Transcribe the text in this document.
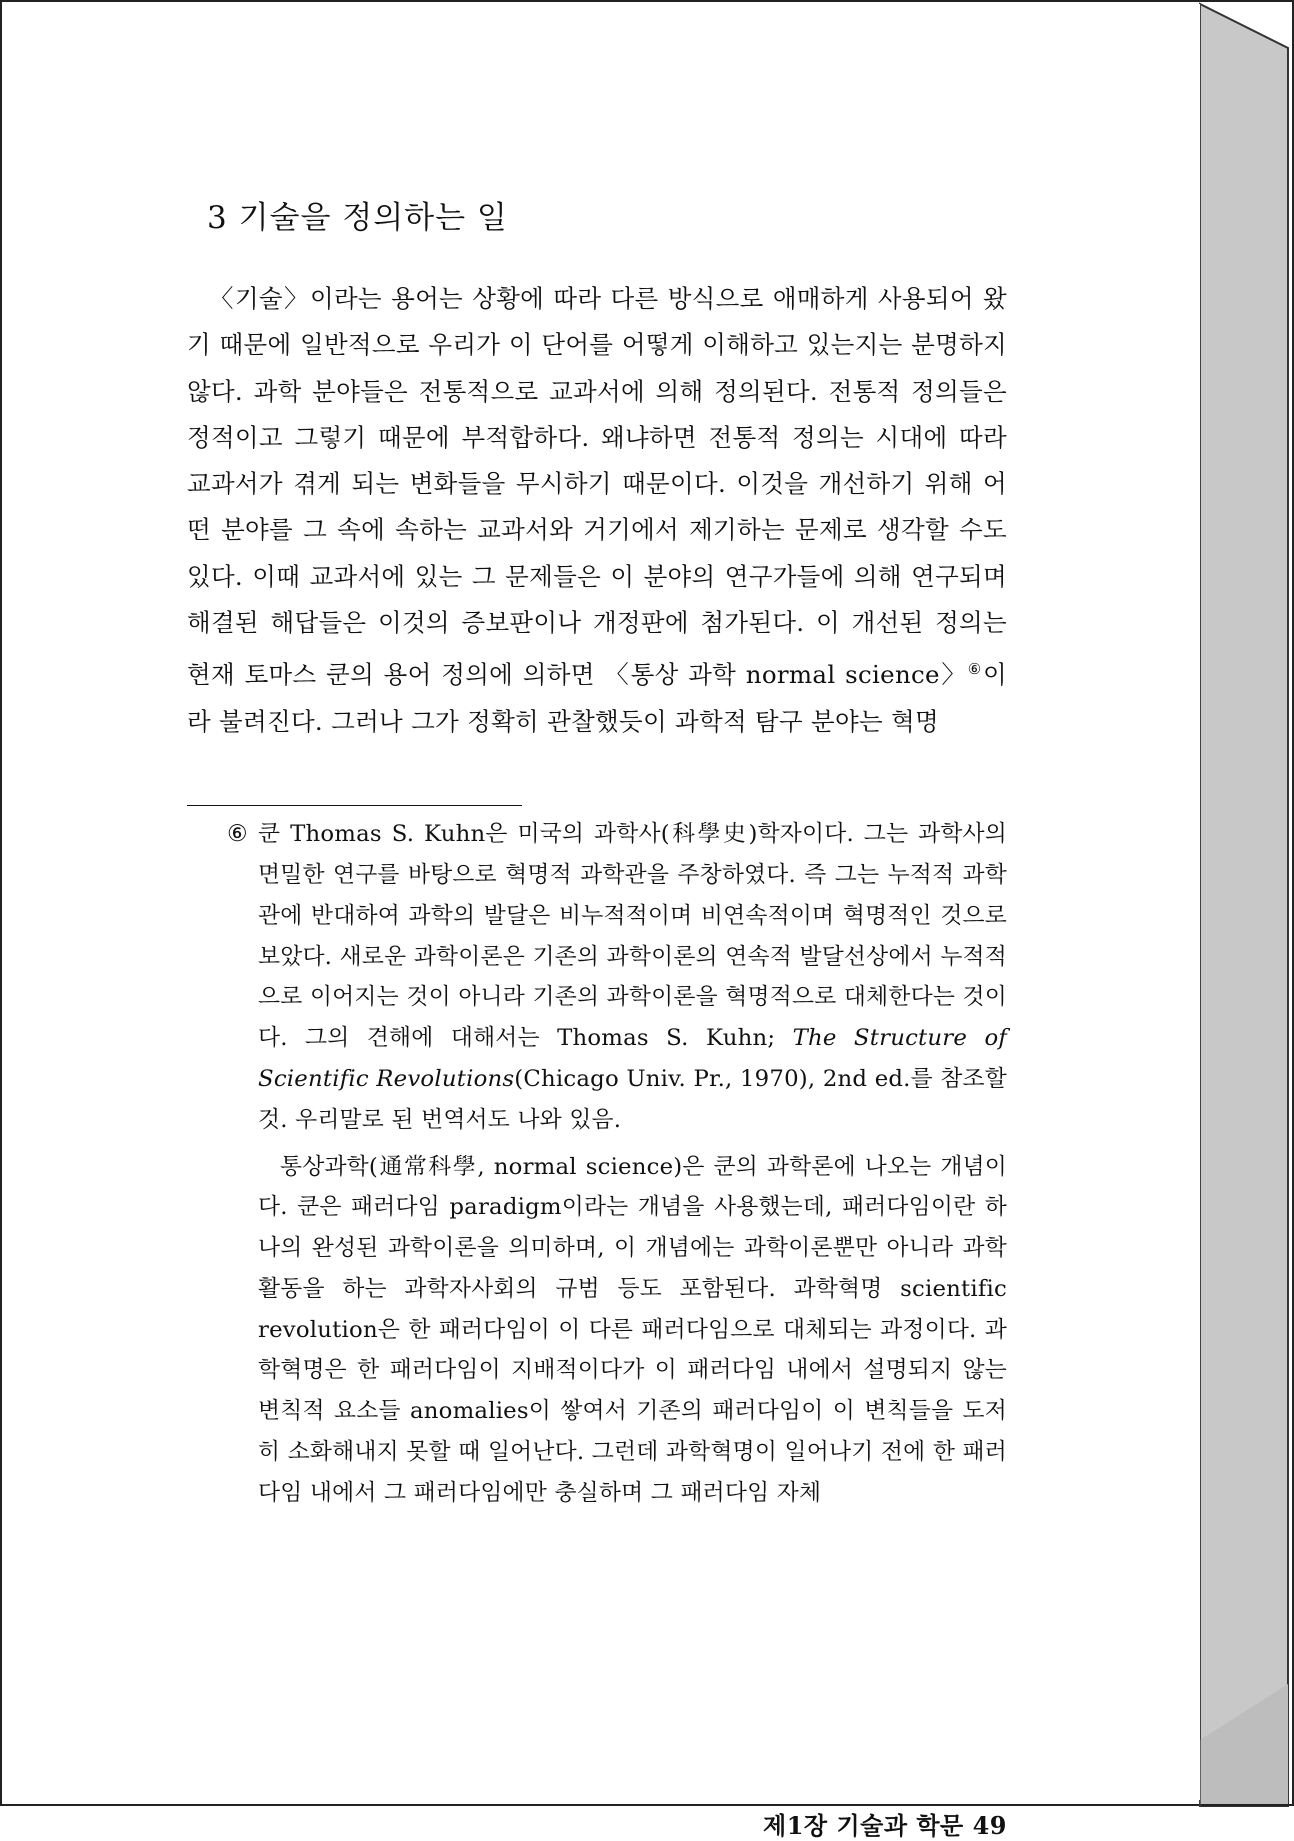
3 기술을 정의하는 일

〈기술〉이라는 용어는 상황에 따라 다른 방식으로 애매하게 사용되어 왔기 때문에 일반적으로 우리가 이 단어를 어떻게 이해하고 있는지는 분명하지 않다. 과학 분야들은 전통적으로 교과서에 의해 정의된다. 전통적 정의들은 정적이고 그렇기 때문에 부적합하다. 왜냐하면 전통적 정의는 시대에 따라 교과서가 겪게 되는 변화들을 무시하기 때문이다. 이것을 개선하기 위해 어떤 분야를 그 속에 속하는 교과서와 거기에서 제기하는 문제로 생각할 수도 있다. 이때 교과서에 있는 그 문제들은 이 분야의 연구가들에 의해 연구되며 해결된 해답들은 이것의 증보판이나 개정판에 첨가된다. 이 개선된 정의는 현재 토마스 쿤의 용어 정의에 의하면 〈통상 과학 normal science〉⑥이라 불려진다. 그러나 그가 정확히 관찰했듯이 과학적 탐구 분야는 혁명

⑥ 쿤 Thomas S. Kuhn은 미국의 과학사(科學史)학자이다. 그는 과학사의 면밀한 연구를 바탕으로 혁명적 과학관을 주창하였다. 즉 그는 누적적 과학관에 반대하여 과학의 발달은 비누적적이며 비연속적이며 혁명적인 것으로 보았다. 새로운 과학이론은 기존의 과학이론의 연속적 발달선상에서 누적적으로 이어지는 것이 아니라 기존의 과학이론을 혁명적으로 대체한다는 것이다. 그의 견해에 대해서는 Thomas S. Kuhn; The Structure of Scientific Revolutions(Chicago Univ. Pr., 1970), 2nd ed.를 참조할 것. 우리말로 된 번역서도 나와 있음.

통상과학(通常科學, normal science)은 쿤의 과학론에 나오는 개념이다. 쿤은 패러다임 paradigm이라는 개념을 사용했는데, 패러다임이란 하나의 완성된 과학이론을 의미하며, 이 개념에는 과학이론뿐만 아니라 과학활동을 하는 과학자사회의 규범 등도 포함된다. 과학혁명 scientific revolution은 한 패러다임이 이 다른 패러다임으로 대체되는 과정이다. 과학혁명은 한 패러다임이 지배적이다가 이 패러다임 내에서 설명되지 않는 변칙적 요소들 anomalies이 쌓여서 기존의 패러다임이 이 변칙들을 도저히 소화해내지 못할 때 일어난다. 그런데 과학혁명이 일어나기 전에 한 패러다임 내에서 그 패러다임에만 충실하며 그 패러다임 자체

제1장 기술과 학문 49
